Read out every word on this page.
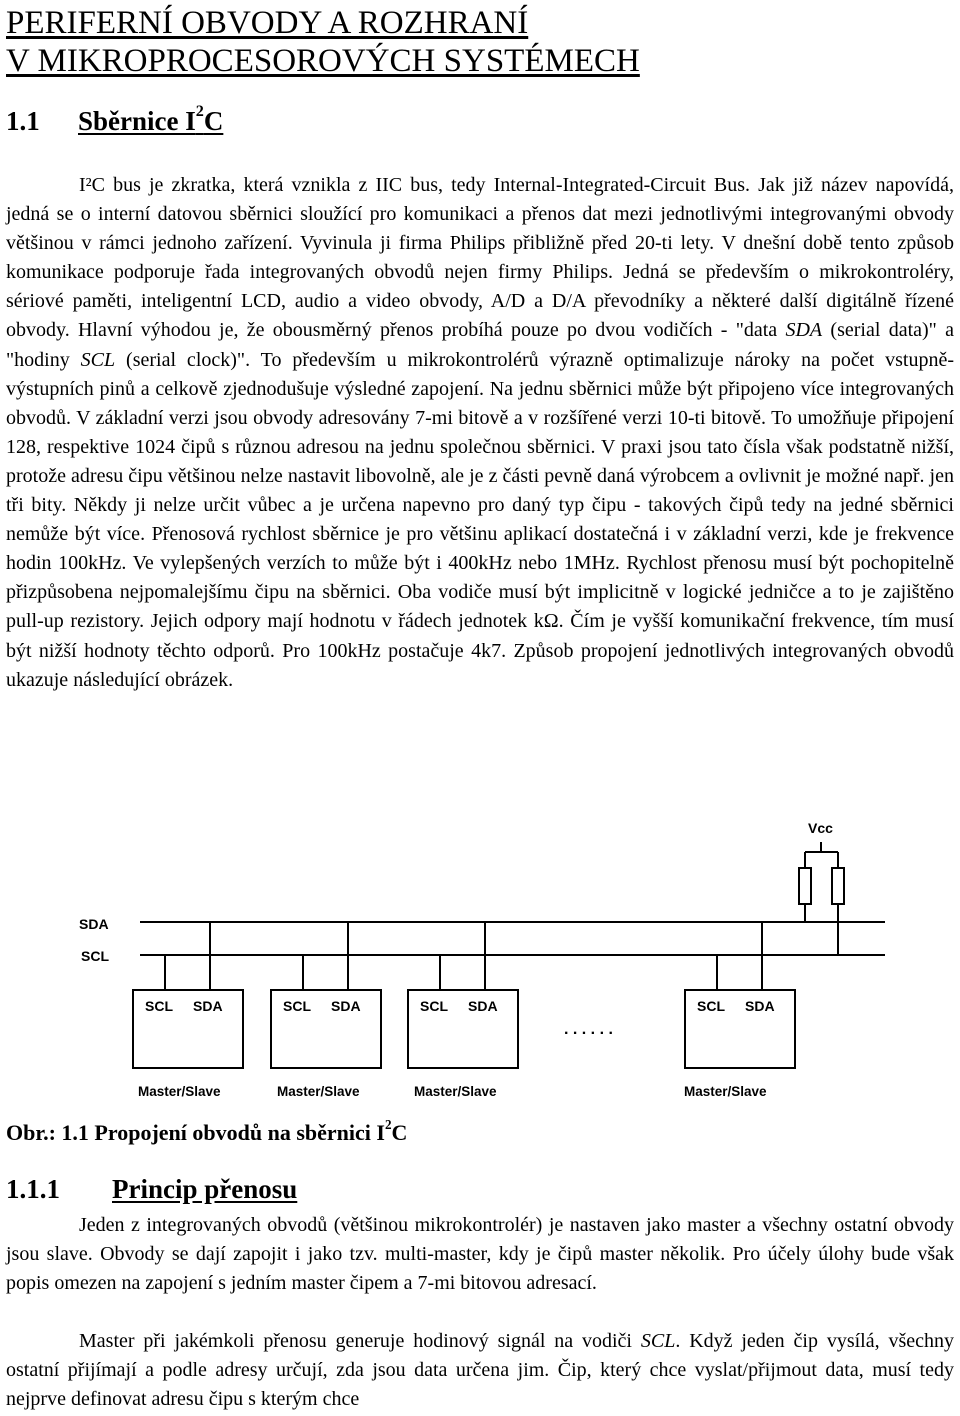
PERIFERNÍ OBVODY A ROZHRANÍ
V MIKROPROCESOROVÝCH SYSTÉMECH
1.1 Sběrnice $I^2C$

I²C bus je zkratka, která vznikla z IIC bus, tedy Internal-Integrated-Circuit Bus. Jak již název napovídá, jedná se o interní datovou sběrnici sloužící pro komunikaci a přenos dat mezi jednotlivými integrovanými obvody většinou v rámci jednoho zařízení. Vyvinula ji firma Philips přibližně před 20-ti lety. V dnešní době tento způsob komunikace podporuje řada integrovaných obvodů nejen firmy Philips. Jedná se především o mikrokontroléry, sériové paměti, inteligentní LCD, audio a video obvody, A/D a D/A převodníky a některé další digitálně řízené obvody. Hlavní výhodou je, že obousměrný přenos probíhá pouze po dvou vodičích - "data SDA (serial data)" a "hodiny SCL (serial clock)". To především u mikrokontrolérů výrazně optimalizuje nároky na počet vstupně-výstupních pinů a celkově zjednodušuje výsledné zapojení. Na jednu sběrnici může být připojeno více integrovaných obvodů. V základní verzi jsou obvody adresovány 7-mi bitově a v rozšířené verzi 10-ti bitově. To umožňuje připojení 128, respektive 1024 čipů s různou adresou na jednu společnou sběrnici. V praxi jsou tato čísla však podstatně nižší, protože adresu čipu většinou nelze nastavit libovolně, ale je z části pevně daná výrobcem a ovlivnit je možné např. jen tři bity. Někdy ji nelze určit vůbec a je určena napevno pro daný typ čipu - takových čipů tedy na jedné sběrnici nemůže být více. Přenosová rychlost sběrnice je pro většinu aplikací dostatečná i v základní verzi, kde je frekvence hodin 100kHz. Ve vylepšených verzích to může být i 400kHz nebo 1MHz. Rychlost přenosu musí být pochopitelně přizpůsobena nejpomalejšímu čipu na sběrnici. Oba vodiče musí být implicitně v logické jedničce a to je zajištěno pull-up rezistory. Jejich odpory mají hodnotu v řádech jednotek kΩ. Čím je vyšší komunikační frekvence, tím musí být nižší hodnoty těchto odporů. Pro 100kHz postačuje 4k7. Způsob propojení jednotlivých integrovaných obvodů ukazuje následující obrázek.

Vcc
SDA
SCL
SCL SDA
Master/Slave
SCL SDA
Master/Slave
SCL SDA
Master/Slave
. . . . . .
SCL SDA
Master/Slave

Obr.: 1.1 Propojení obvodů na sběrnici $I^2C$

1.1.1 Princip přenosu

Jeden z integrovaných obvodů (většinou mikrokontrolér) je nastaven jako master a všechny ostatní obvody jsou slave. Obvody se dají zapojit i jako tzv. multi-master, kdy je čipů master několik. Pro účely úlohy bude však popis omezen na zapojení s jedním master čipem a 7-mi bitovou adresací.

Master při jakémkoli přenosu generuje hodinový signál na vodiči SCL. Když jeden čip vysílá, všechny ostatní přijímají a podle adresy určují, zda jsou data určena jim. Čip, který chce vyslat/přijmout data, musí tedy nejprve definovat adresu čipu s kterým chce
